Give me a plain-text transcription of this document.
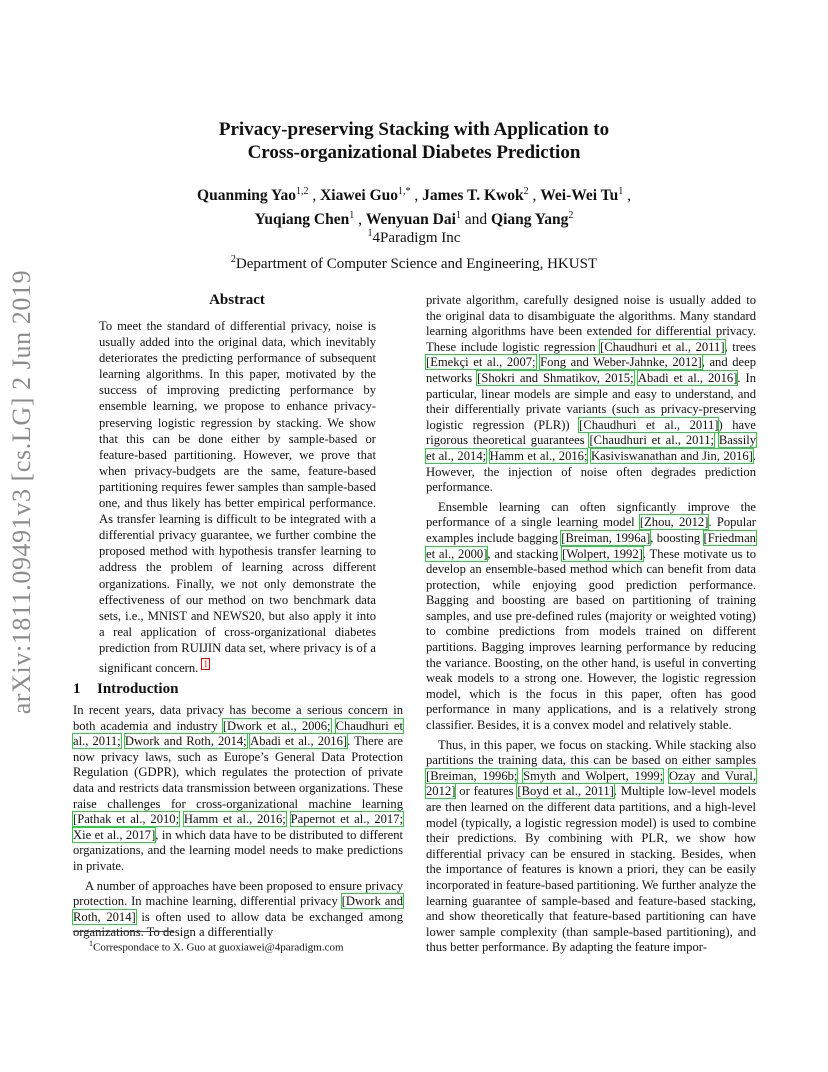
arXiv:1811.09491v3 [cs.LG] 2 Jun 2019
Privacy-preserving Stacking with Application to
Cross-organizational Diabetes Prediction
Quanming Yao$^{1,2}$ , Xiawei Guo$^{1,*}$ , James T. Kwok$^2$ , Wei-Wei Tu$^1$ ,
Yuqiang Chen$^1$ , Wenyuan Dai$^1$ and Qiang Yang$^2$
$^1$4Paradigm Inc
$^2$Department of Computer Science and Engineering, HKUST
Abstract
To meet the standard of differential privacy, noise is usually added into the original data, which inevitably deteriorates the predicting performance of subsequent learning algorithms. In this paper, motivated by the success of improving predicting performance by ensemble learning, we propose to enhance privacy-preserving logistic regression by stacking. We show that this can be done either by sample-based or feature-based partitioning. However, we prove that when privacy-budgets are the same, feature-based partitioning requires fewer samples than sample-based one, and thus likely has better empirical performance. As transfer learning is difficult to be integrated with a differential privacy guarantee, we further combine the proposed method with hypothesis transfer learning to address the problem of learning across different organizations. Finally, we not only demonstrate the effectiveness of our method on two benchmark data sets, i.e., MNIST and NEWS20, but also apply it into a real application of cross-organizational diabetes prediction from RUIJIN data set, where privacy is of a significant concern. $^1$
1 Introduction

In recent years, data privacy has become a serious concern in both academia and industry [Dwork et al., 2006; Chaudhuri et al., 2011; Dwork and Roth, 2014; Abadi et al., 2016]. There are now privacy laws, such as Europe’s General Data Protection Regulation (GDPR), which regulates the protection of private data and restricts data transmission between organizations. These raise challenges for cross-organizational machine learning [Pathak et al., 2010; Hamm et al., 2016; Papernot et al., 2017; Xie et al., 2017], in which data have to be distributed to different organizations, and the learning model needs to make predictions in private.

A number of approaches have been proposed to ensure privacy protection. In machine learning, differential privacy [Dwork and Roth, 2014] is often used to allow data be exchanged among organizations. To design a differentially

private algorithm, carefully designed noise is usually added to the original data to disambiguate the algorithms. Many standard learning algorithms have been extended for differential privacy. These include logistic regression [Chaudhuri et al., 2011], trees [Emekçi et al., 2007; Fong and Weber-Jahnke, 2012], and deep networks [Shokri and Shmatikov, 2015; Abadi et al., 2016]. In particular, linear models are simple and easy to understand, and their differentially private variants (such as privacy-preserving logistic regression (PLR)) [Chaudhuri et al., 2011]) have rigorous theoretical guarantees [Chaudhuri et al., 2011; Bassily et al., 2014; Hamm et al., 2016; Kasiviswanathan and Jin, 2016]. However, the injection of noise often degrades prediction performance.

Ensemble learning can often signficantly improve the performance of a single learning model [Zhou, 2012]. Popular examples include bagging [Breiman, 1996a], boosting [Friedman et al., 2000], and stacking [Wolpert, 1992]. These motivate us to develop an ensemble-based method which can benefit from data protection, while enjoying good prediction performance. Bagging and boosting are based on partitioning of training samples, and use pre-defined rules (majority or weighted voting) to combine predictions from models trained on different partitions. Bagging improves learning performance by reducing the variance. Boosting, on the other hand, is useful in converting weak models to a strong one. However, the logistic regression model, which is the focus in this paper, often has good performance in many applications, and is a relatively strong classifier. Besides, it is a convex model and relatively stable.

Thus, in this paper, we focus on stacking. While stacking also partitions the training data, this can be based on either samples [Breiman, 1996b; Smyth and Wolpert, 1999; Ozay and Vural, 2012] or features [Boyd et al., 2011]. Multiple low-level models are then learned on the different data partitions, and a high-level model (typically, a logistic regression model) is used to combine their predictions. By combining with PLR, we show how differential privacy can be ensured in stacking. Besides, when the importance of features is known a priori, they can be easily incorporated in feature-based partitioning. We further analyze the learning guarantee of sample-based and feature-based stacking, and show theoretically that feature-based partitioning can have lower sample complexity (than sample-based partitioning), and thus better performance. By adapting the feature impor-

$^1$Correspondace to X. Guo at guoxiawei@4paradigm.com
